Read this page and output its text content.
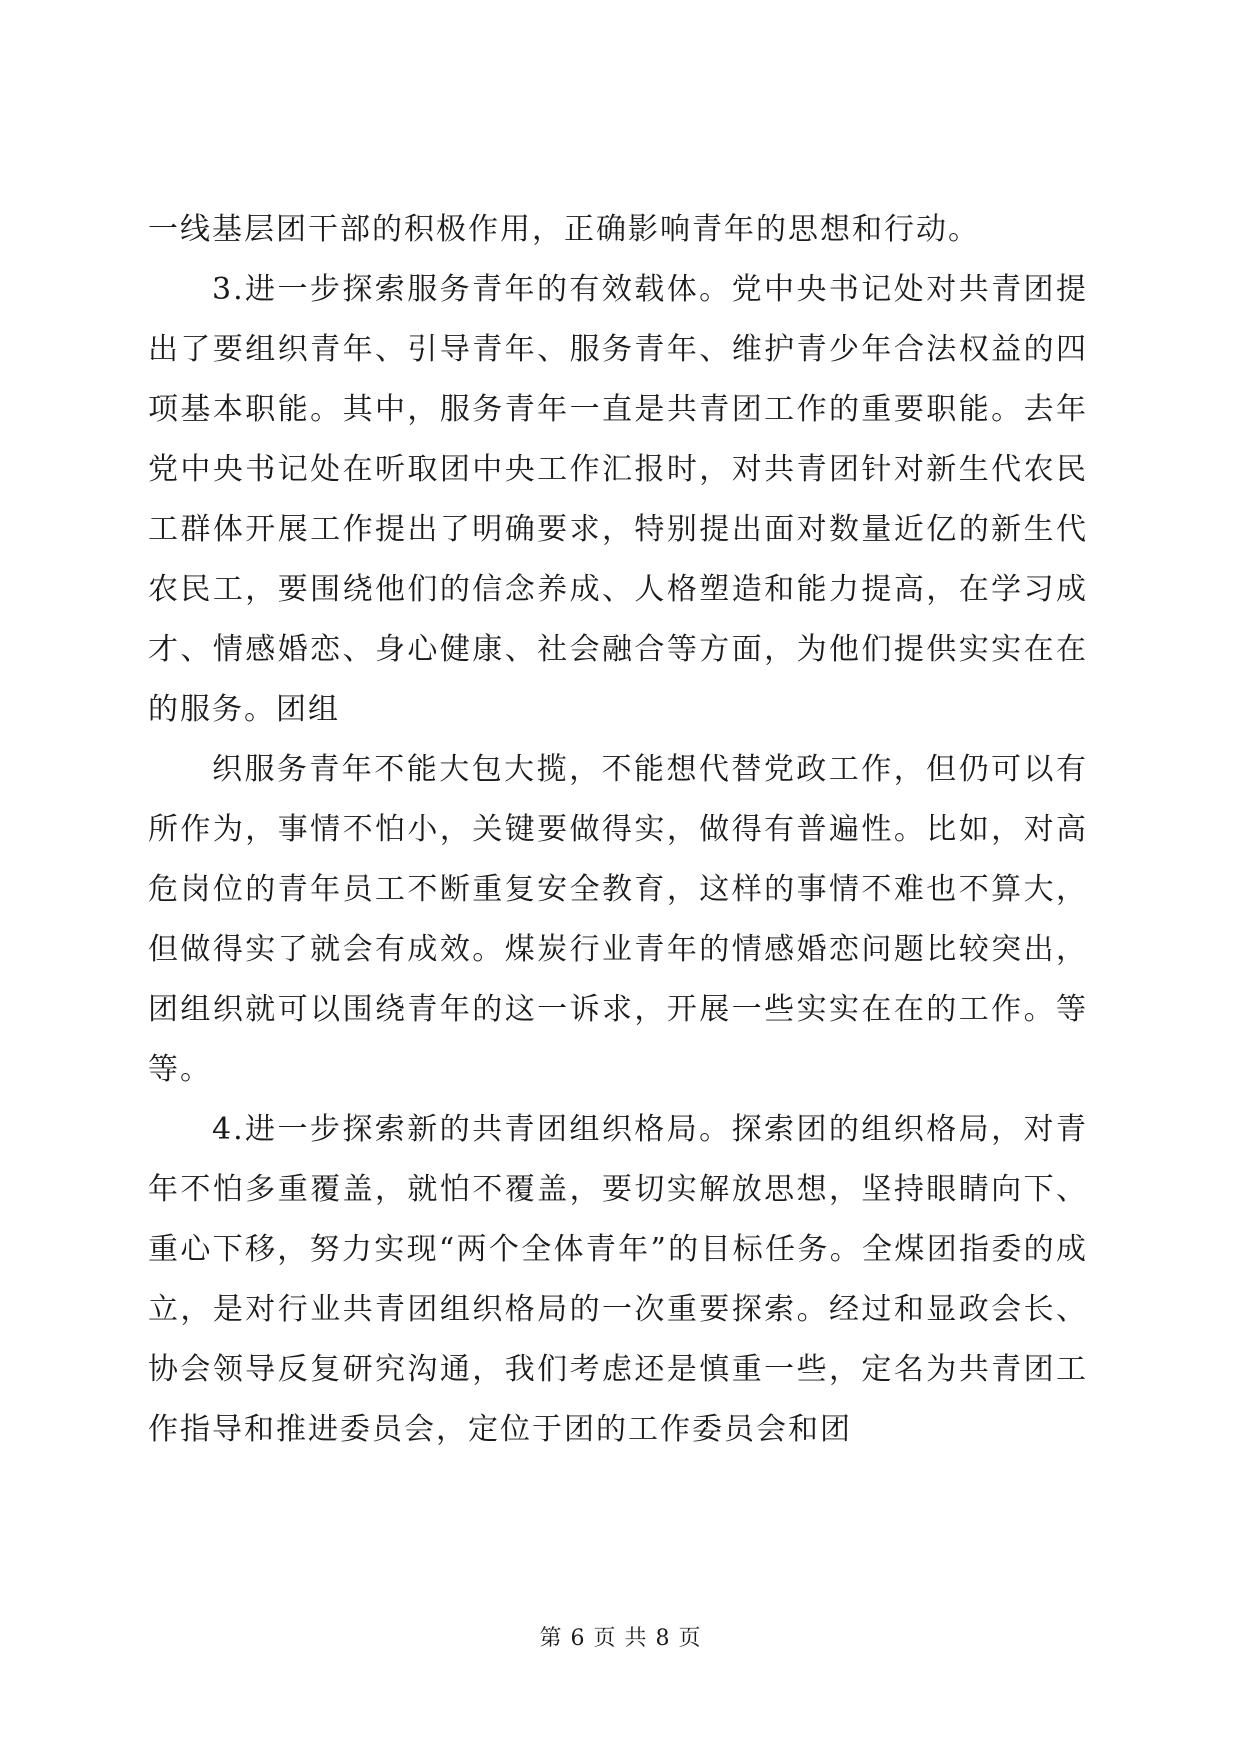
一线基层团干部的积极作用，正确影响青年的思想和行动。

3.进一步探索服务青年的有效载体。党中央书记处对共青团提出了要组织青年、引导青年、服务青年、维护青少年合法权益的四项基本职能。其中，服务青年一直是共青团工作的重要职能。去年党中央书记处在听取团中央工作汇报时，对共青团针对新生代农民工群体开展工作提出了明确要求，特别提出面对数量近亿的新生代农民工，要围绕他们的信念养成、人格塑造和能力提高，在学习成才、情感婚恋、身心健康、社会融合等方面，为他们提供实实在在的服务。团组

织服务青年不能大包大揽，不能想代替党政工作，但仍可以有所作为，事情不怕小，关键要做得实，做得有普遍性。比如，对高危岗位的青年员工不断重复安全教育，这样的事情不难也不算大，但做得实了就会有成效。煤炭行业青年的情感婚恋问题比较突出，团组织就可以围绕青年的这一诉求，开展一些实实在在的工作。等等。

4.进一步探索新的共青团组织格局。探索团的组织格局，对青年不怕多重覆盖，就怕不覆盖，要切实解放思想，坚持眼睛向下、重心下移，努力实现“两个全体青年”的目标任务。全煤团指委的成立，是对行业共青团组织格局的一次重要探索。经过和显政会长、协会领导反复研究沟通，我们考虑还是慎重一些，定名为共青团工作指导和推进委员会，定位于团的工作委员会和团

第 6 页 共 8 页
